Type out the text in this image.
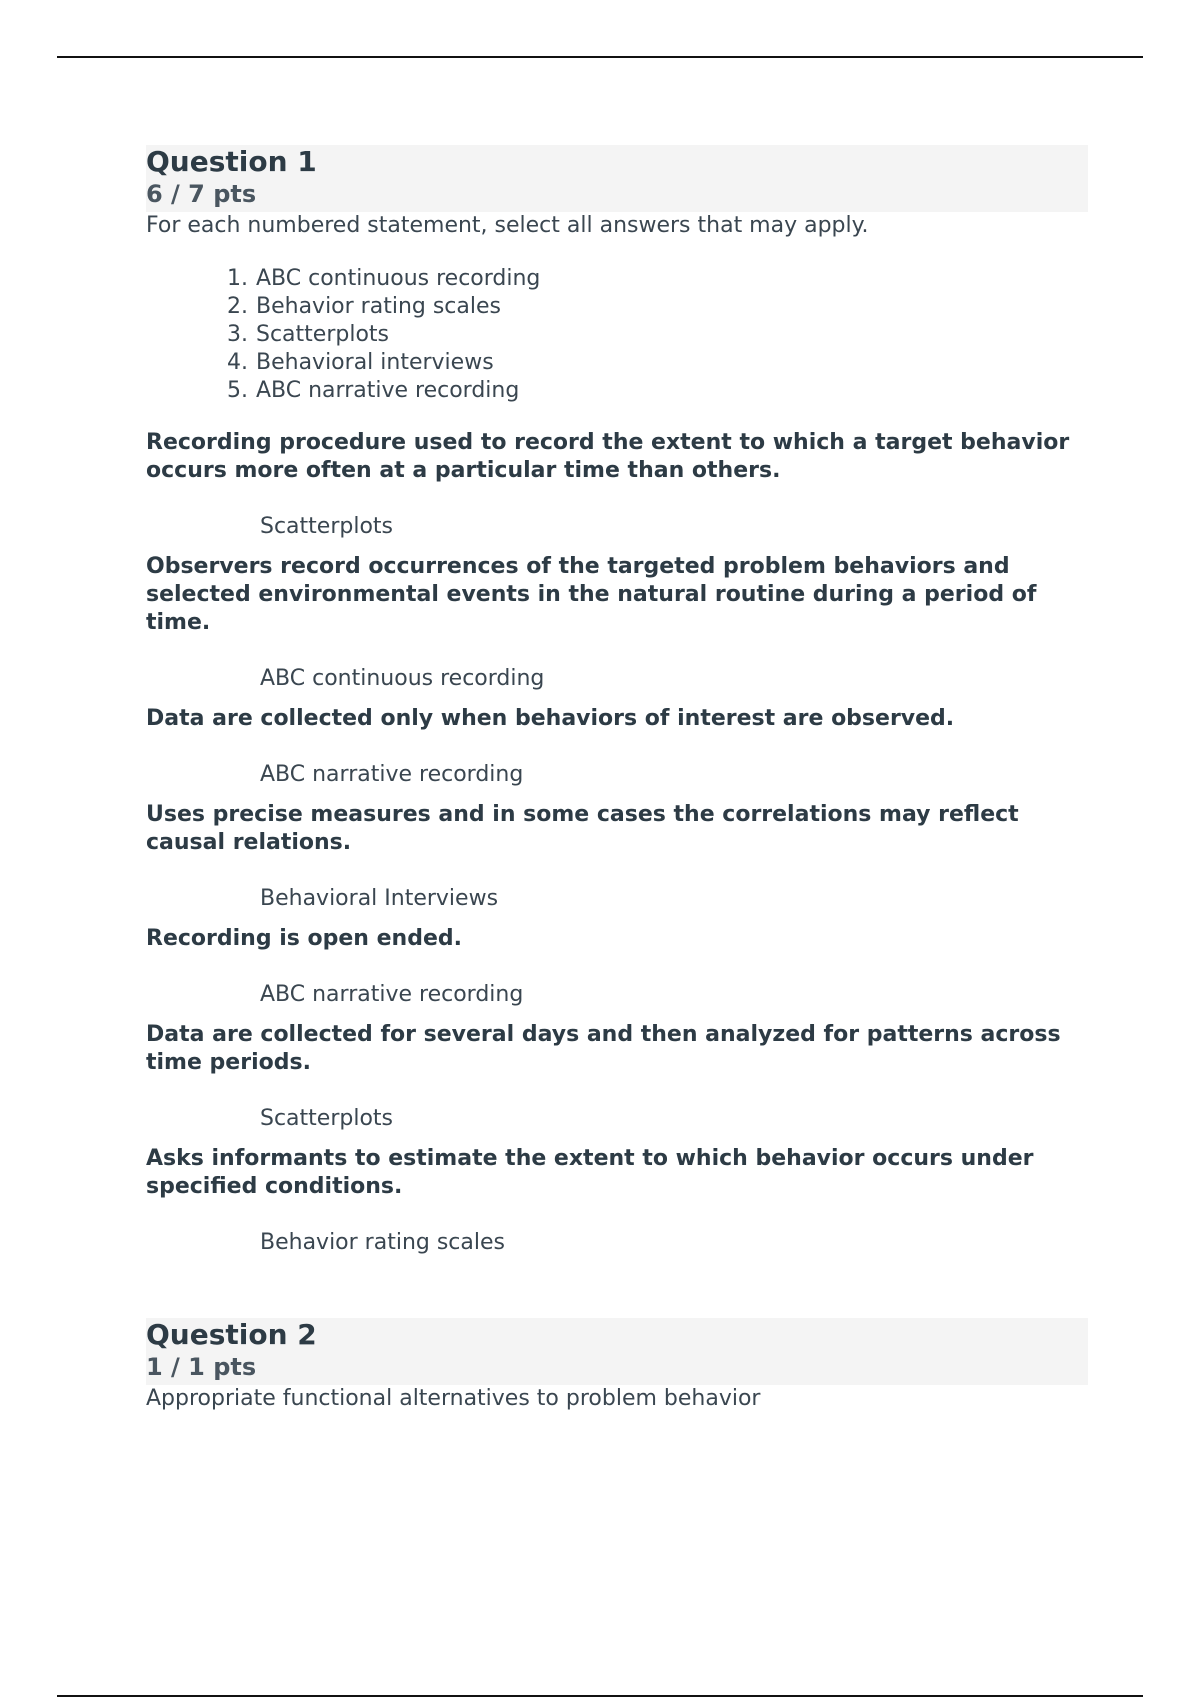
Question 1
6 / 7 pts
For each numbered statement, select all answers that may apply.
1. ABC continuous recording
2. Behavior rating scales
3. Scatterplots
4. Behavioral interviews
5. ABC narrative recording
Recording procedure used to record the extent to which a target behavior occurs more often at a particular time than others.
Scatterplots
Observers record occurrences of the targeted problem behaviors and selected environmental events in the natural routine during a period of time.
ABC continuous recording
Data are collected only when behaviors of interest are observed.
ABC narrative recording
Uses precise measures and in some cases the correlations may reflect causal relations.
Behavioral Interviews
Recording is open ended.
ABC narrative recording
Data are collected for several days and then analyzed for patterns across time periods.
Scatterplots
Asks informants to estimate the extent to which behavior occurs under specified conditions.
Behavior rating scales
Question 2
1 / 1 pts
Appropriate functional alternatives to problem behavior
